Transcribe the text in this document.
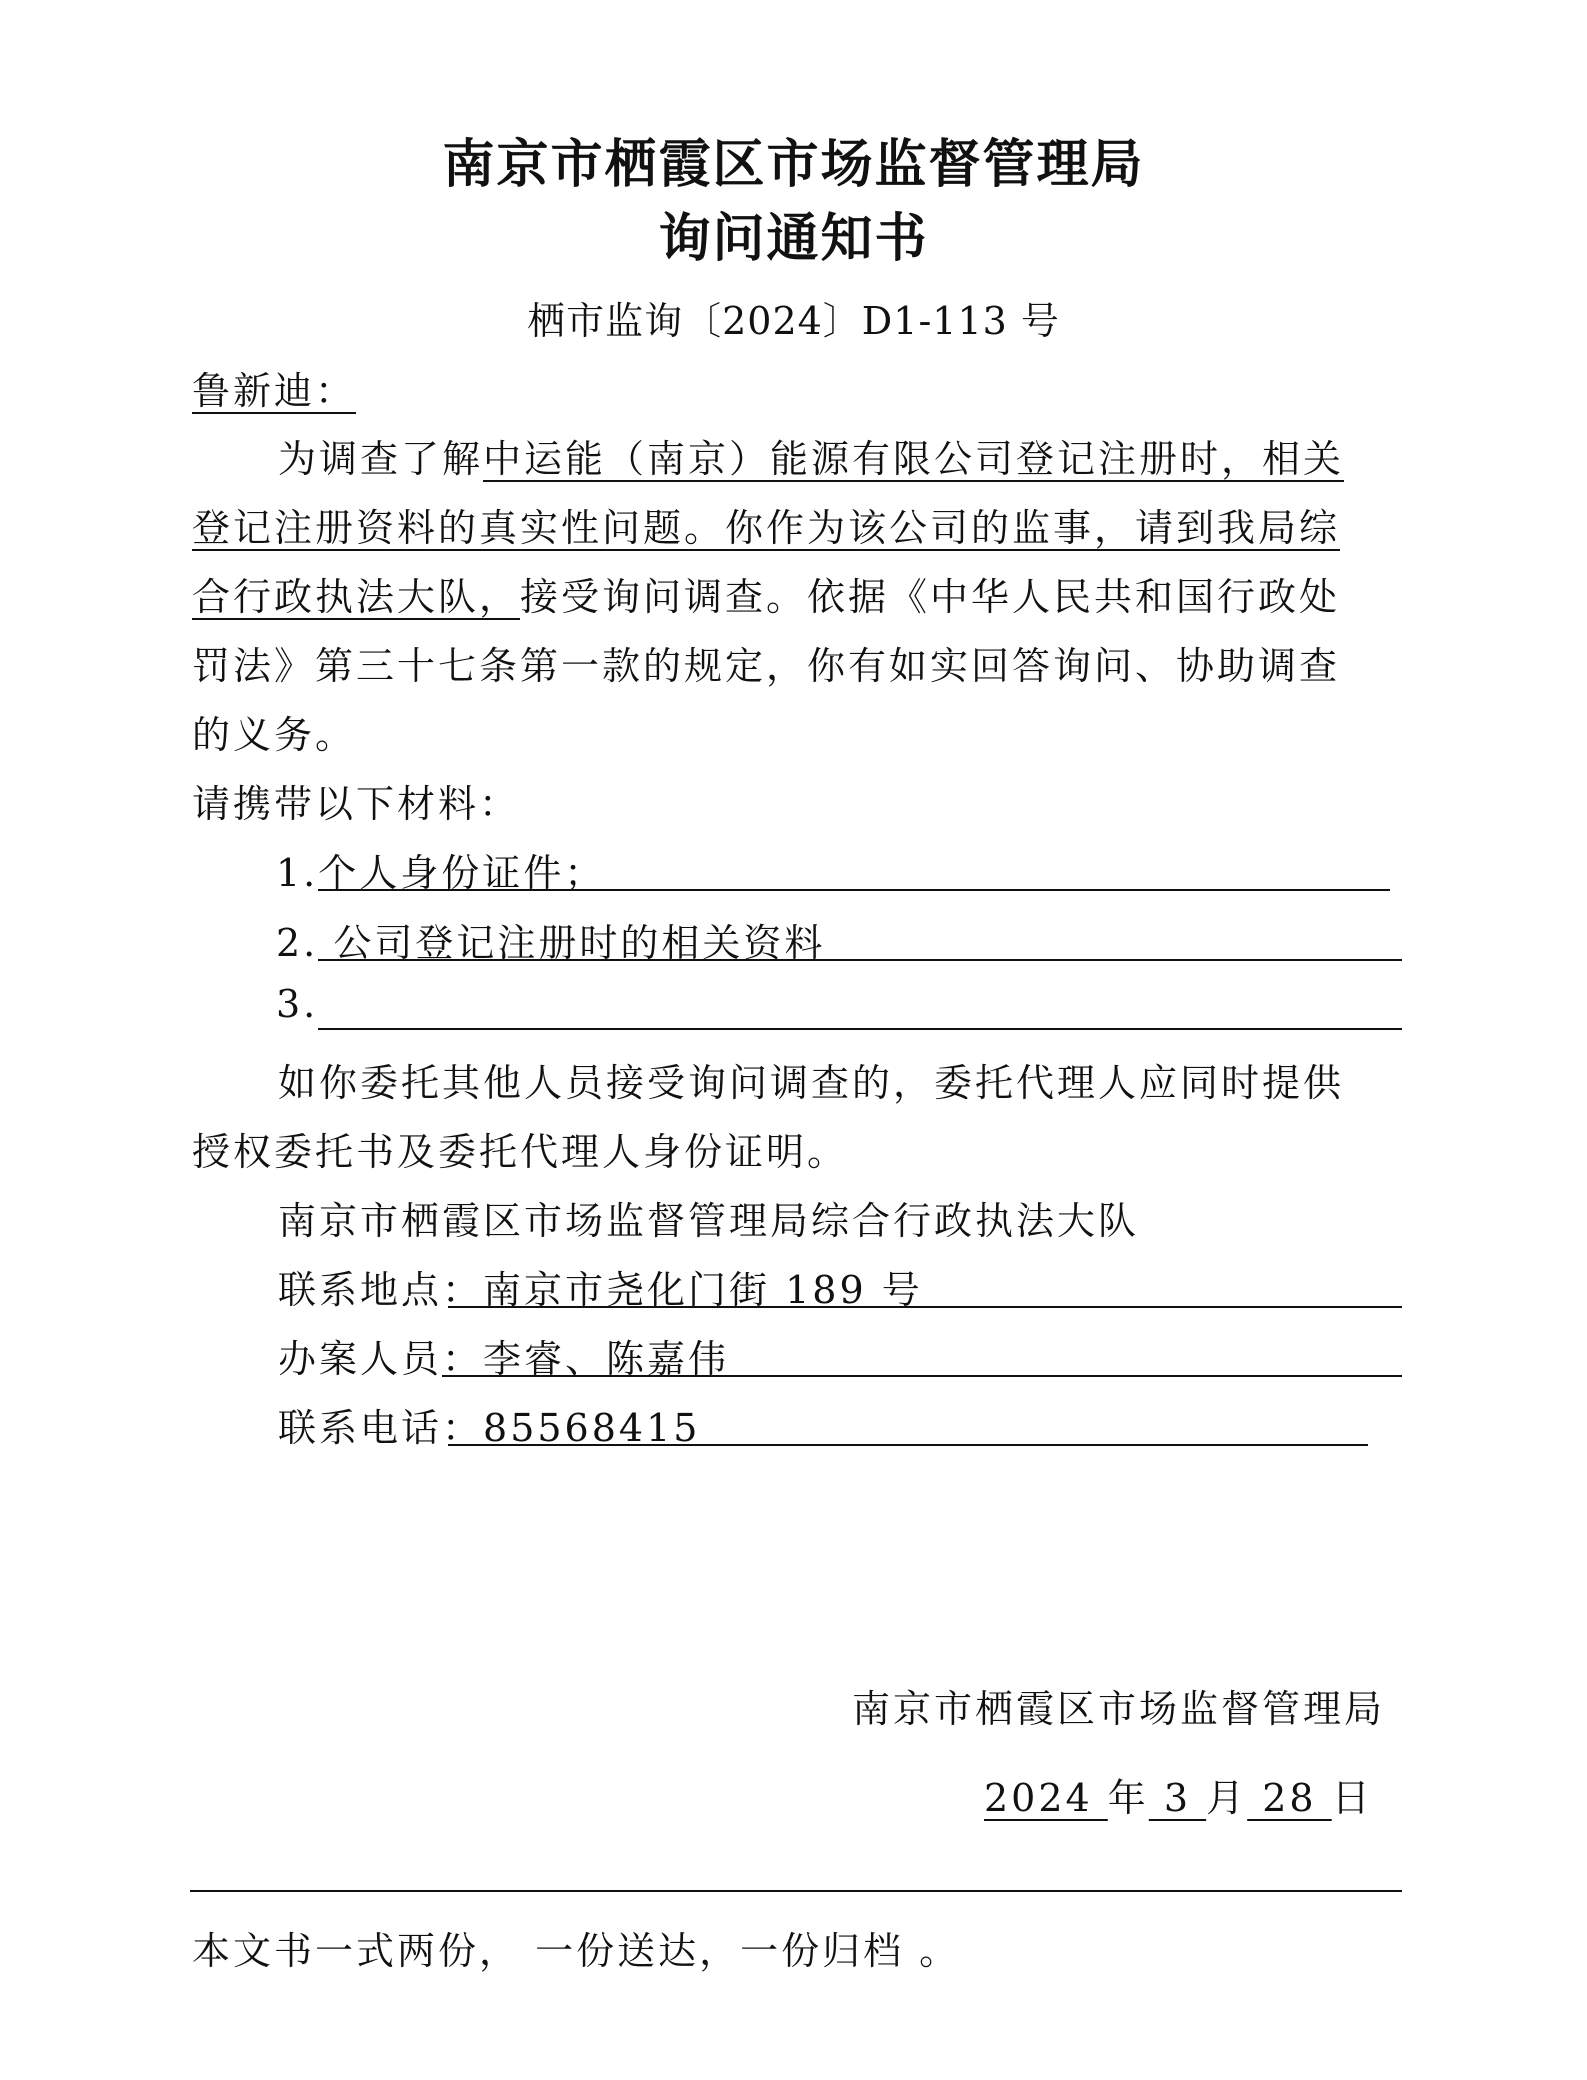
南京市栖霞区市场监督管理局
询问通知书
栖市监询〔2024〕D1-113 号
鲁新迪：
为调查了解中运能（南京）能源有限公司登记注册时，相关
登记注册资料的真实性问题。你作为该公司的监事，请到我局综
合行政执法大队，接受询问调查。依据《中华人民共和国行政处
罚法》第三十七条第一款的规定，你有如实回答询问、协助调查
的义务。
请携带以下材料：
1.个人身份证件；
2. 公司登记注册时的相关资料
3.
如你委托其他人员接受询问调查的，委托代理人应同时提供
授权委托书及委托代理人身份证明。
南京市栖霞区市场监督管理局综合行政执法大队
联系地点：南京市尧化门街 189 号
办案人员：李睿、陈嘉伟
联系电话：85568415
南京市栖霞区市场监督管理局
2024 年 3 月 28 日
本文书一式两份， 一份送达，一份归档 。
